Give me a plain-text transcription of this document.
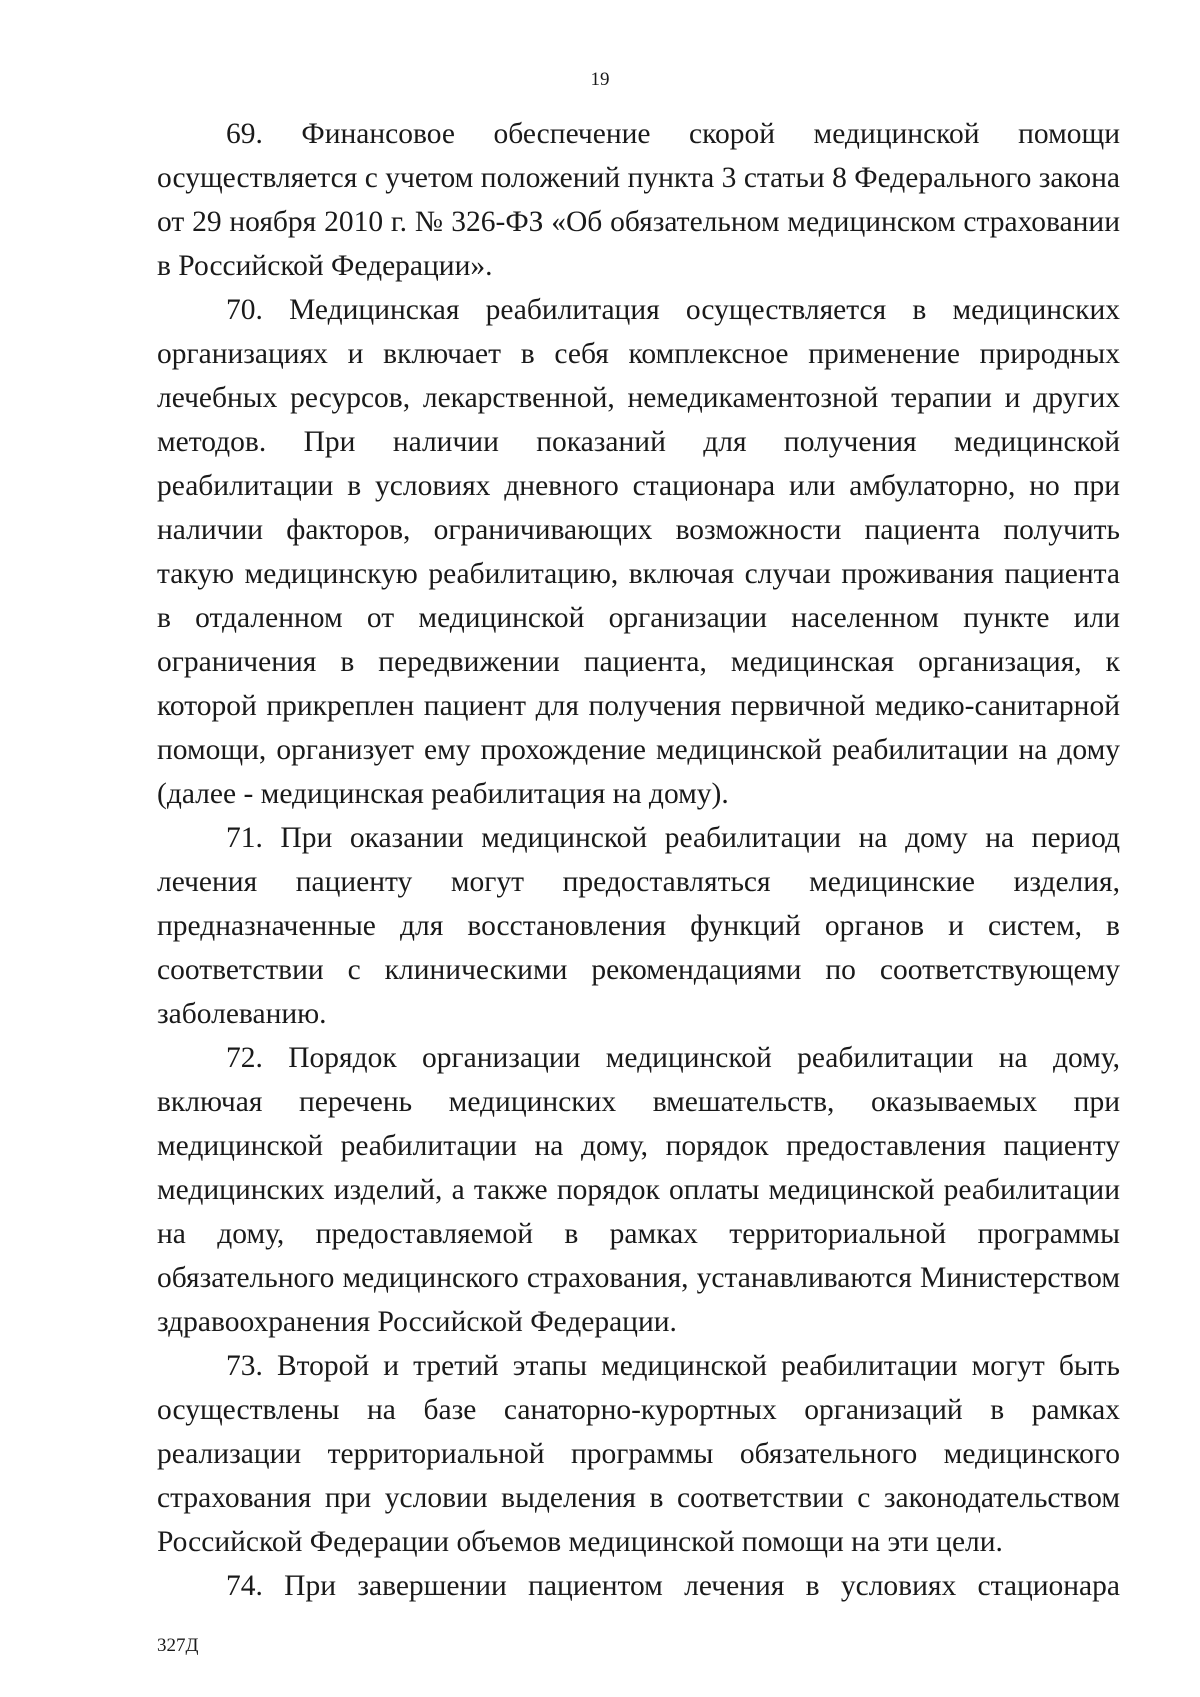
19

69. Финансовое обеспечение скорой медицинской помощи осуществляется с учетом положений пункта 3 статьи 8 Федерального закона от 29 ноября 2010 г. № 326-ФЗ «Об обязательном медицинском страховании в Российской Федерации».

70. Медицинская реабилитация осуществляется в медицинских организациях и включает в себя комплексное применение природных лечебных ресурсов, лекарственной, немедикаментозной терапии и других методов. При наличии показаний для получения медицинской реабилитации в условиях дневного стационара или амбулаторно, но при наличии факторов, ограничивающих возможности пациента получить такую медицинскую реабилитацию, включая случаи проживания пациента в отдаленном от медицинской организации населенном пункте или ограничения в передвижении пациента, медицинская организация, к которой прикреплен пациент для получения первичной медико-санитарной помощи, организует ему прохождение медицинской реабилитации на дому (далее - медицинская реабилитация на дому).

71. При оказании медицинской реабилитации на дому на период лечения пациенту могут предоставляться медицинские изделия, предназначенные для восстановления функций органов и систем, в соответствии с клиническими рекомендациями по соответствующему заболеванию.

72. Порядок организации медицинской реабилитации на дому, включая перечень медицинских вмешательств, оказываемых при медицинской реабилитации на дому, порядок предоставления пациенту медицинских изделий, а также порядок оплаты медицинской реабилитации на дому, предоставляемой в рамках территориальной программы обязательного медицинского страхования, устанавливаются Министерством здравоохранения Российской Федерации.

73. Второй и третий этапы медицинской реабилитации могут быть осуществлены на базе санаторно-курортных организаций в рамках реализации территориальной программы обязательного медицинского страхования при условии выделения в соответствии с законодательством Российской Федерации объемов медицинской помощи на эти цели.

74. При завершении пациентом лечения в условиях стационара

327Д
